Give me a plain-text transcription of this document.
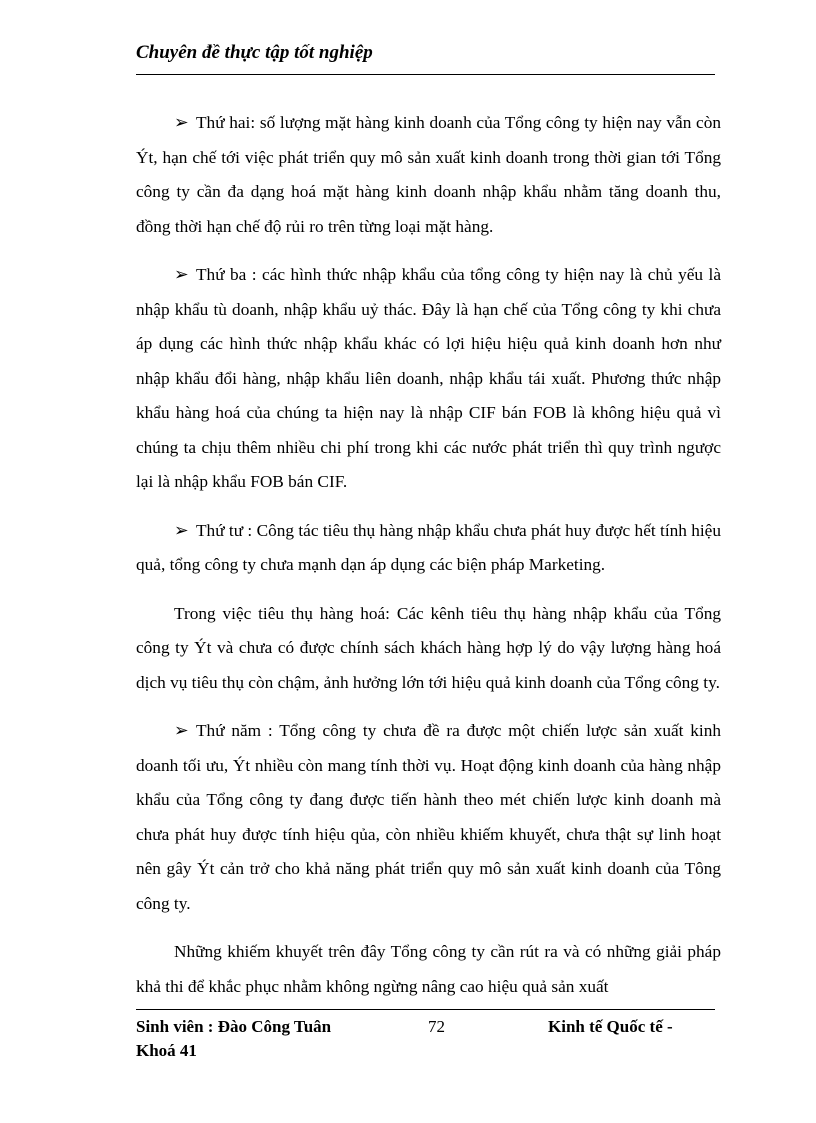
Chuyên đề thực tập tốt nghiệp

➢ Thứ hai: số lượng mặt hàng kinh doanh của Tổng công ty hiện nay vẫn còn Ýt, hạn chế tới việc phát triển quy mô sản xuất kinh doanh trong thời gian tới Tổng công ty cần đa dạng hoá mặt hàng kinh doanh nhập khẩu nhằm tăng doanh thu, đồng thời hạn chế độ rủi ro trên từng loại mặt hàng.

➢ Thứ ba : các hình thức nhập khẩu của tổng công ty hiện nay là chủ yếu là nhập khẩu tù doanh, nhập khẩu uỷ thác. Đây là hạn chế của Tổng công ty khi chưa áp dụng các hình thức nhập khẩu khác có lợi hiệu hiệu quả kinh doanh hơn như nhập khẩu đổi hàng, nhập khẩu liên doanh, nhập khẩu tái xuất. Phương thức nhập khẩu hàng hoá của chúng ta hiện nay là nhập CIF bán FOB là không hiệu quả vì chúng ta chịu thêm nhiều chi phí trong khi các nước phát triển thì quy trình ngược lại là nhập khẩu FOB bán CIF.

➢ Thứ tư : Công tác tiêu thụ hàng nhập khẩu chưa phát huy được hết tính hiệu quả, tổng công ty chưa mạnh dạn áp dụng các biện pháp Marketing.

Trong việc tiêu thụ hàng hoá: Các kênh tiêu thụ hàng nhập khẩu của Tổng công ty Ýt và chưa có được chính sách khách hàng hợp lý do vậy lượng hàng hoá dịch vụ tiêu thụ còn chậm, ảnh hưởng lớn tới hiệu quả kinh doanh của Tổng công ty.

➢ Thứ năm : Tổng công ty chưa đề ra được một chiến lược sản xuất kinh doanh tối ưu, Ýt nhiều còn mang tính thời vụ. Hoạt động kinh doanh của hàng nhập khẩu của Tổng công ty đang được tiến hành theo mét chiến lược kinh doanh mà chưa phát huy được tính hiệu qủa, còn nhiều khiếm khuyết, chưa thật sự linh hoạt nên gây Ýt cản trở cho khả năng phát triển quy mô sản xuất kinh doanh của Tông công ty.

Những khiếm khuyết trên đây Tổng công ty cần rút ra và có những giải pháp khả thi để khắc phục nhằm không ngừng nâng cao hiệu quả sản xuất

Sinh viên : Đào Công Tuân	72	Kinh tế Quốc tế -
Khoá 41
